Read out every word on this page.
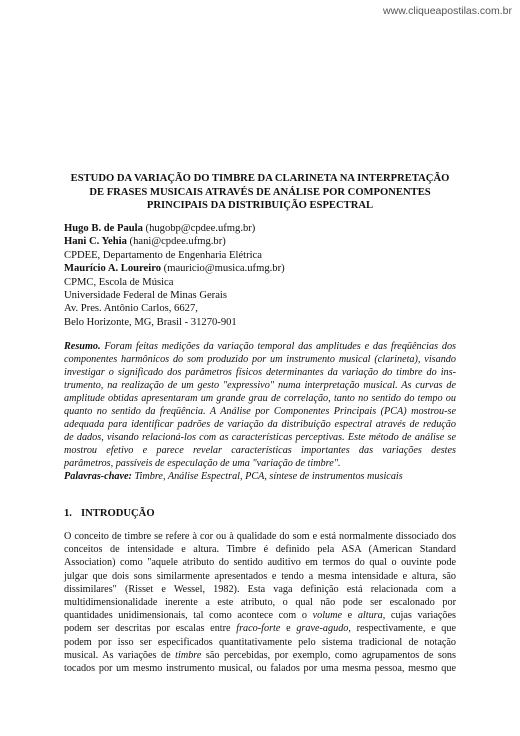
www.cliqueapostilas.com.br
ESTUDO DA VARIAÇÃO DO TIMBRE DA CLARINETA NA INTERPRETAÇÃO
DE FRASES MUSICAIS ATRAVÉS DE ANÁLISE POR COMPONENTES
PRINCIPAIS DA DISTRIBUIÇÃO ESPECTRAL
Hugo B. de Paula (hugobp@cpdee.ufmg.br)
Hani C. Yehia (hani@cpdee.ufmg.br)
CPDEE, Departamento de Engenharia Elétrica
Maurício A. Loureiro (mauricio@musica.ufmg.br)
CPMC, Escola de Música
Universidade Federal de Minas Gerais
Av. Pres. Antônio Carlos, 6627,
Belo Horizonte, MG, Brasil - 31270-901
Resumo. Foram feitas medições da variação temporal das amplitudes e das freqüências dos
componentes harmônicos do som produzido por um instrumento musical (clarineta), visando
investigar o significado dos parâmetros físicos determinantes da variação do timbre do ins-
trumento, na realização de um gesto "expressivo" numa interpretação musical. As curvas de
amplitude obtidas apresentaram um grande grau de correlação, tanto no sentido do tempo ou
quanto no sentido da freqüência. A Análise por Componentes Principais (PCA) mostrou-se
adequada para identificar padrões de variação da distribuição espectral através de redução
de dados, visando relacioná-los com as características perceptivas. Este método de análise se
mostrou efetivo e parece revelar características importantes das variações destes
parâmetros, passíveis de especulação de uma "variação de timbre".
Palavras-chave: Timbre, Análise Espectral, PCA, síntese de instrumentos musicais
1. INTRODUÇÃO
O conceito de timbre se refere à cor ou à qualidade do som e está normalmente dissociado dos
conceitos de intensidade e altura. Timbre é definido pela ASA (American Standard
Association) como "aquele atributo do sentido auditivo em termos do qual o ouvinte pode
julgar que dois sons similarmente apresentados e tendo a mesma intensidade e altura, são
dissimilares" (Risset e Wessel, 1982). Esta vaga definição está relacionada com a
multidimensionalidade inerente a este atributo, o qual não pode ser escalonado por
quantidades unidimensionais, tal como acontece com o volume e altura, cujas variações
podem ser descritas por escalas entre fraco-forte e grave-agudo, respectivamente, e que
podem por isso ser especificados quantitativamente pelo sistema tradicional de notação
musical. As variações de timbre são percebidas, por exemplo, como agrupamentos de sons
tocados por um mesmo instrumento musical, ou falados por uma mesma pessoa, mesmo que
